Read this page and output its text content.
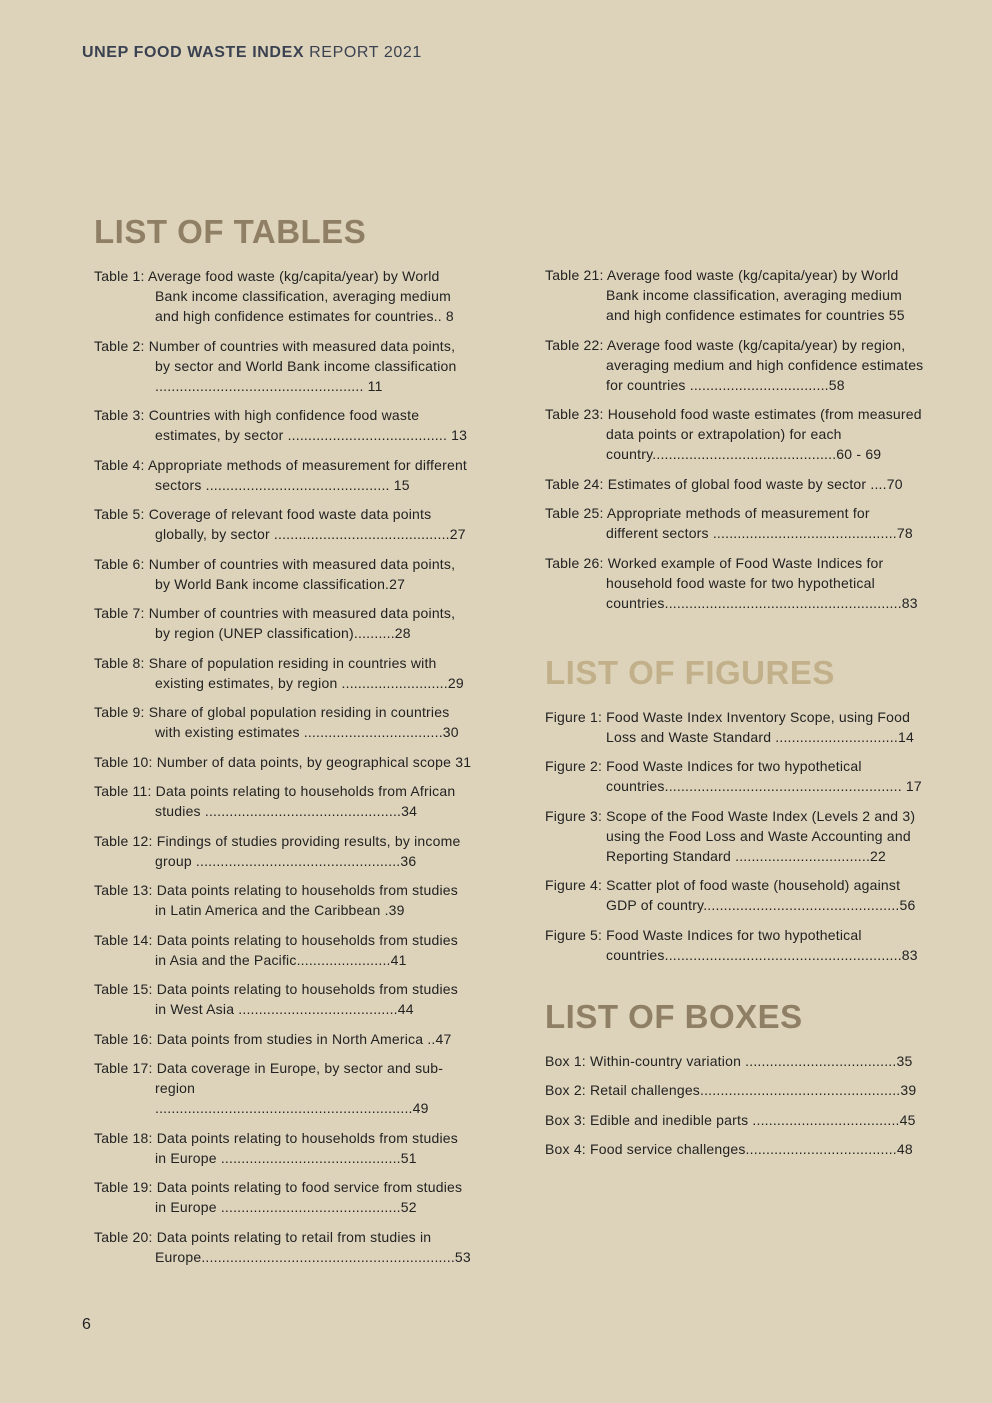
UNEP FOOD WASTE INDEX REPORT 2021
LIST OF TABLES
Table 1: Average food waste (kg/capita/year) by World Bank income classification, averaging medium and high confidence estimates for countries.. 8
Table 2: Number of countries with measured data points, by sector and World Bank income classification ................................................... 11
Table 3: Countries with high confidence food waste estimates, by sector ....................................... 13
Table 4: Appropriate methods of measurement for different sectors ............................................. 15
Table 5: Coverage of relevant food waste data points globally, by sector ...........................................27
Table 6: Number of countries with measured data points, by World Bank income classification.27
Table 7: Number of countries with measured data points, by region (UNEP classification)..........28
Table 8: Share of population residing in countries with existing estimates, by region ..........................29
Table 9: Share of global population residing in countries with existing estimates ..................................30
Table 10: Number of data points, by geographical scope 31
Table 11: Data points relating to households from African studies ................................................34
Table 12: Findings of studies providing results, by income group ..................................................36
Table 13: Data points relating to households from studies in Latin America and the Caribbean .39
Table 14: Data points relating to households from studies in Asia and the Pacific.......................41
Table 15: Data points relating to households from studies in West Asia .......................................44
Table 16: Data points from studies in North America ..47
Table 17: Data coverage in Europe, by sector and sub-region ...............................................................49
Table 18: Data points relating to households from studies in Europe ............................................51
Table 19: Data points relating to food service from studies in Europe ............................................52
Table 20: Data points relating to retail from studies in Europe..............................................................53
Table 21: Average food waste (kg/capita/year) by World Bank income classification, averaging medium and high confidence estimates for countries 55
Table 22: Average food waste (kg/capita/year) by region, averaging medium and high confidence estimates for countries ..................................58
Table 23: Household food waste estimates (from measured data points or extrapolation) for each country.............................................60 - 69
Table 24: Estimates of global food waste by sector ....70
Table 25: Appropriate methods of measurement for different sectors .............................................78
Table 26: Worked example of Food Waste Indices for household food waste for two hypothetical countries..........................................................83
LIST OF FIGURES
Figure 1: Food Waste Index Inventory Scope, using Food Loss and Waste Standard ..............................14
Figure 2: Food Waste Indices for two hypothetical countries.......................................................... 17
Figure 3: Scope of the Food Waste Index (Levels 2 and 3) using the Food Loss and Waste Accounting and Reporting Standard .................................22
Figure 4: Scatter plot of food waste (household) against GDP of country................................................56
Figure 5: Food Waste Indices for two hypothetical countries..........................................................83
LIST OF BOXES
Box 1: Within-country variation .....................................35
Box 2: Retail challenges.................................................39
Box 3: Edible and inedible parts ....................................45
Box 4: Food service challenges.....................................48
6
